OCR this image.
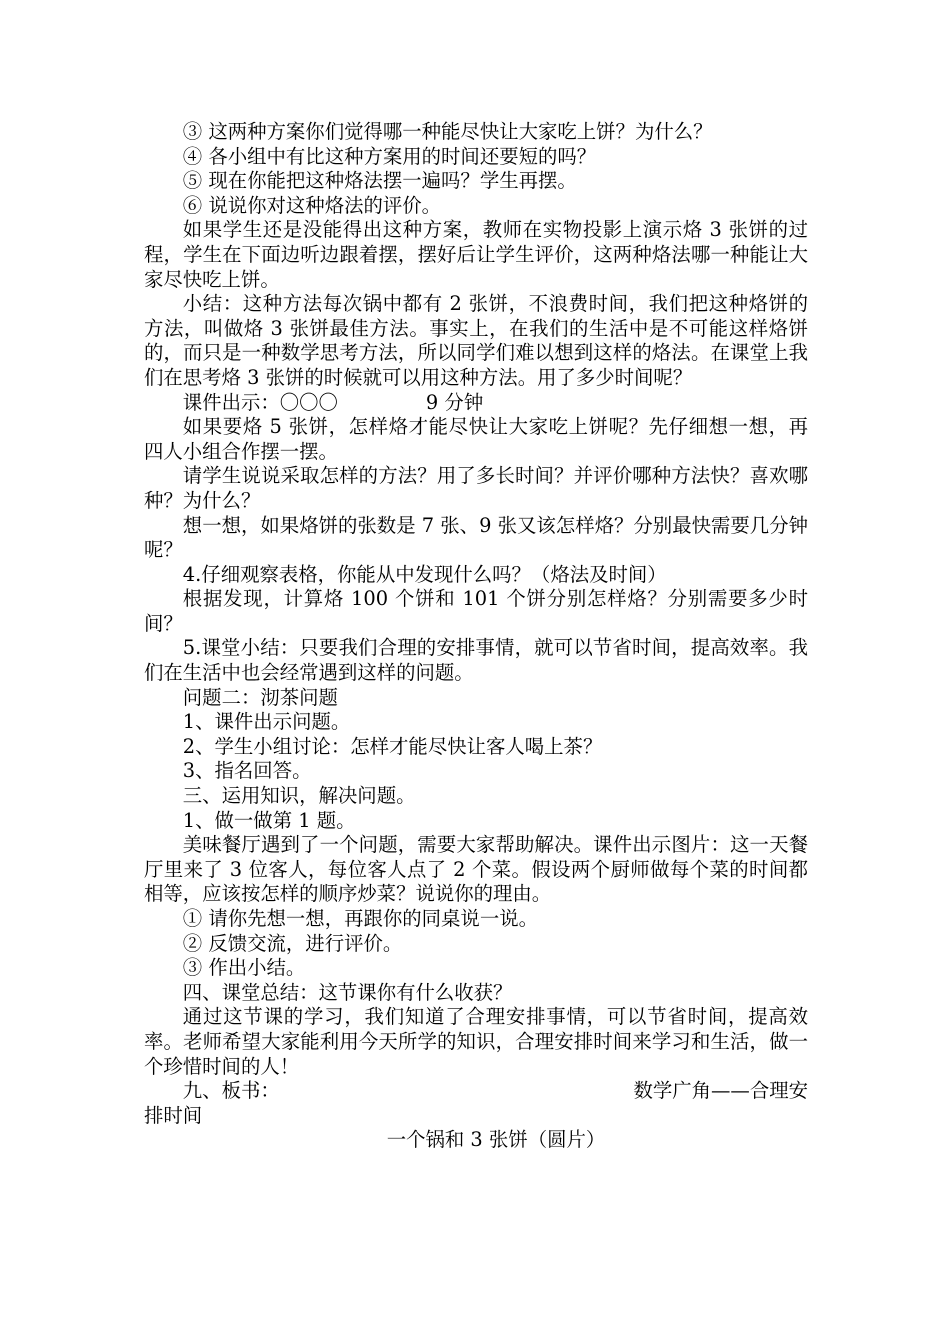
③ 这两种方案你们觉得哪一种能尽快让大家吃上饼？为什么？

④ 各小组中有比这种方案用的时间还要短的吗？

⑤ 现在你能把这种烙法摆一遍吗？学生再摆。

⑥ 说说你对这种烙法的评价。

如果学生还是没能得出这种方案，教师在实物投影上演示烙 3 张饼的过程，学生在下面边听边跟着摆，摆好后让学生评价，这两种烙法哪一种能让大家尽快吃上饼。

小结：这种方法每次锅中都有 2 张饼，不浪费时间，我们把这种烙饼的方法，叫做烙 3 张饼最佳方法。事实上，在我们的生活中是不可能这样烙饼的，而只是一种数学思考方法，所以同学们难以想到这样的烙法。在课堂上我们在思考烙 3 张饼的时候就可以用这种方法。用了多少时间呢？

课件出示：〇〇〇	9 分钟

如果要烙 5 张饼，怎样烙才能尽快让大家吃上饼呢？先仔细想一想，再四人小组合作摆一摆。

请学生说说采取怎样的方法？用了多长时间？并评价哪种方法快？喜欢哪种？为什么？

想一想，如果烙饼的张数是 7 张、9 张又该怎样烙？分别最快需要几分钟呢？

4.仔细观察表格，你能从中发现什么吗？（烙法及时间）

根据发现，计算烙 100 个饼和 101 个饼分别怎样烙？分别需要多少时间？

5.课堂小结：只要我们合理的安排事情，就可以节省时间，提高效率。我们在生活中也会经常遇到这样的问题。

问题二：沏茶问题

1、课件出示问题。

2、学生小组讨论：怎样才能尽快让客人喝上茶？

3、指名回答。

三、运用知识，解决问题。

1、做一做第 1 题。

美味餐厅遇到了一个问题，需要大家帮助解决。课件出示图片：这一天餐厅里来了 3 位客人，每位客人点了 2 个菜。假设两个厨师做每个菜的时间都相等，应该按怎样的顺序炒菜？说说你的理由。

① 请你先想一想，再跟你的同桌说一说。

② 反馈交流，进行评价。

③ 作出小结。

四、课堂总结：这节课你有什么收获？

通过这节课的学习，我们知道了合理安排事情，可以节省时间，提高效率。老师希望大家能利用今天所学的知识，合理安排时间来学习和生活，做一个珍惜时间的人！

九、板书：	数学广角——合理安

排时间

一个锅和 3 张饼（圆片）
